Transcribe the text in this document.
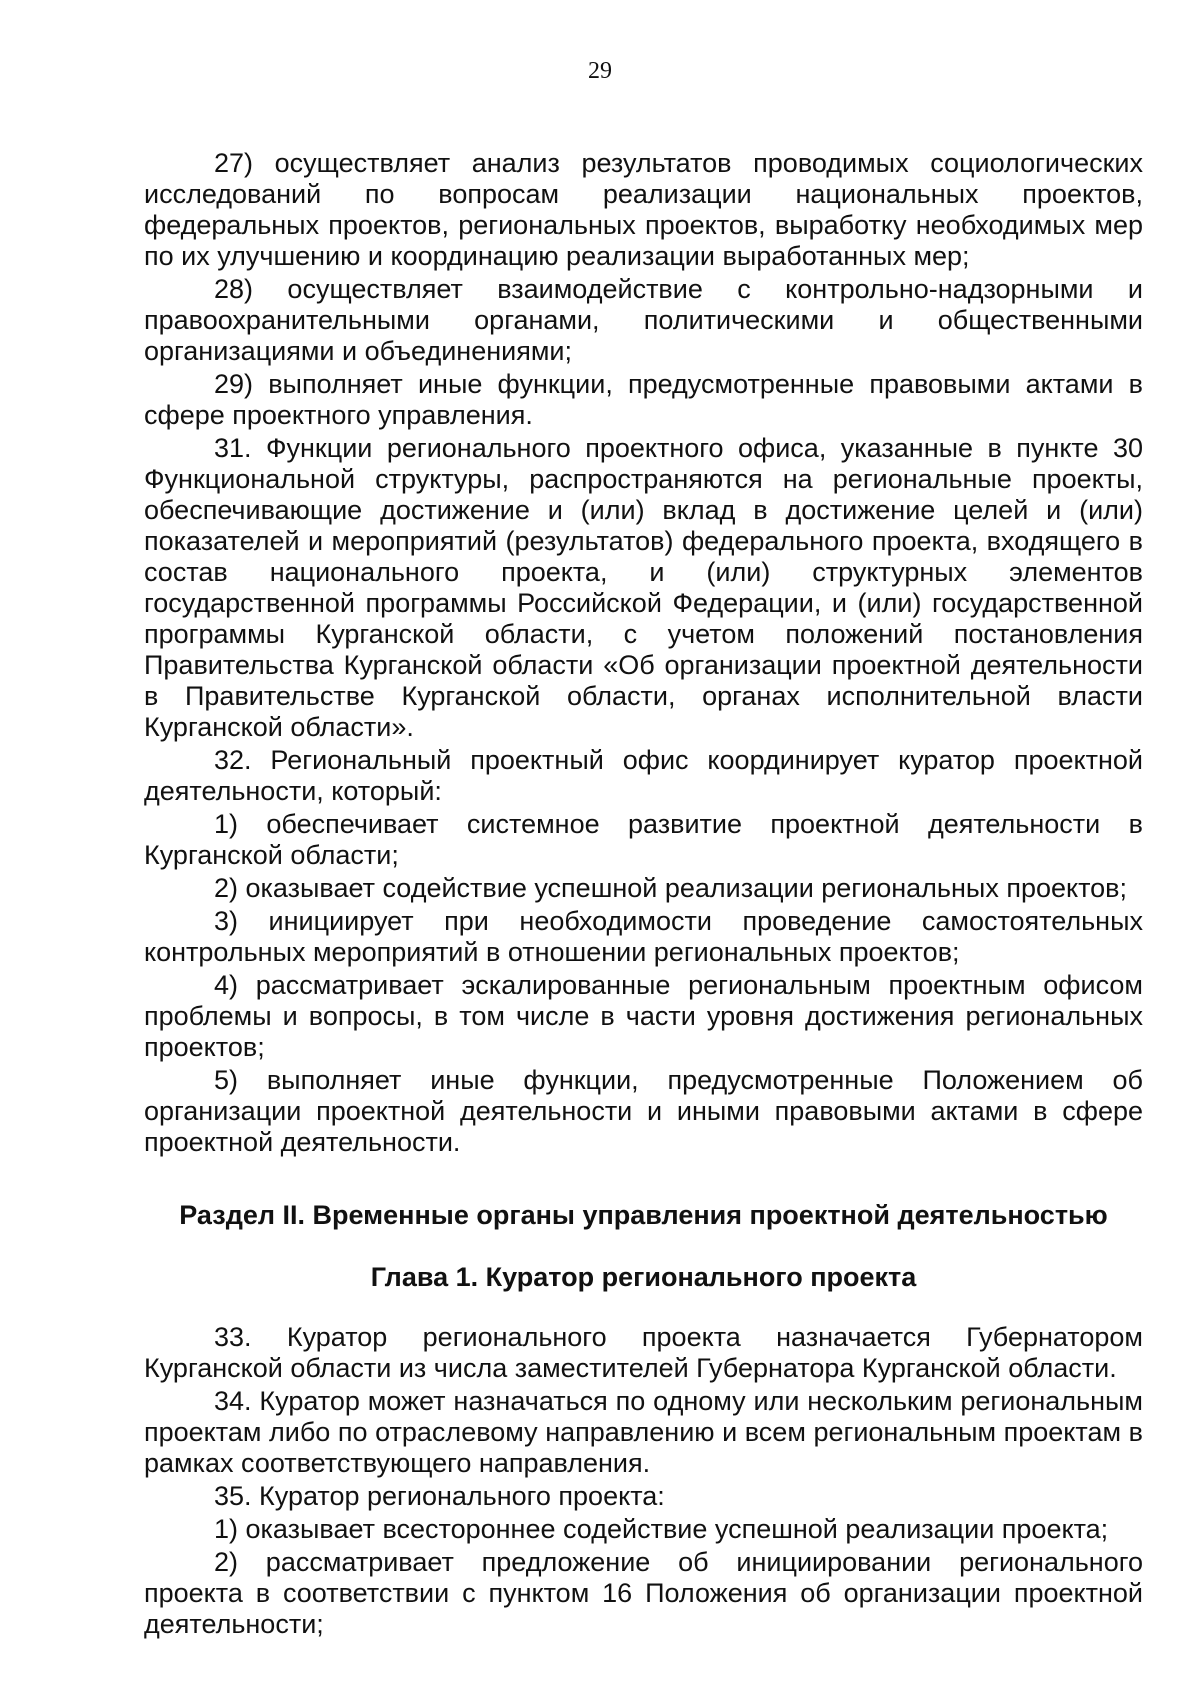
29

27) осуществляет анализ результатов проводимых социологических исследований по вопросам реализации национальных проектов, федеральных проектов, региональных проектов, выработку необходимых мер по их улучшению и координацию реализации выработанных мер;

28) осуществляет взаимодействие с контрольно-надзорными и правоохранительными органами, политическими и общественными организациями и объединениями;

29) выполняет иные функции, предусмотренные правовыми актами в сфере проектного управления.

31. Функции регионального проектного офиса, указанные в пункте 30 Функциональной структуры, распространяются на региональные проекты, обеспечивающие достижение и (или) вклад в достижение целей и (или) показателей и мероприятий (результатов) федерального проекта, входящего в состав национального проекта, и (или) структурных элементов государственной программы Российской Федерации, и (или) государственной программы Курганской области, с учетом положений постановления Правительства Курганской области «Об организации проектной деятельности в Правительстве Курганской области, органах исполнительной власти Курганской области».

32. Региональный проектный офис координирует куратор проектной деятельности, который:

1) обеспечивает системное развитие проектной деятельности в Курганской области;

2) оказывает содействие успешной реализации региональных проектов;

3) инициирует при необходимости проведение самостоятельных контрольных мероприятий в отношении региональных проектов;

4) рассматривает эскалированные региональным проектным офисом проблемы и вопросы, в том числе в части уровня достижения региональных проектов;

5) выполняет иные функции, предусмотренные Положением об организации проектной деятельности и иными правовыми актами в сфере проектной деятельности.

Раздел II. Временные органы управления проектной деятельностью

Глава 1. Куратор регионального проекта

33. Куратор регионального проекта назначается Губернатором Курганской области из числа заместителей Губернатора Курганской области.

34. Куратор может назначаться по одному или нескольким региональным проектам либо по отраслевому направлению и всем региональным проектам в рамках соответствующего направления.

35. Куратор регионального проекта:

1) оказывает всестороннее содействие успешной реализации проекта;

2) рассматривает предложение об инициировании регионального проекта в соответствии с пунктом 16 Положения об организации проектной деятельности;
